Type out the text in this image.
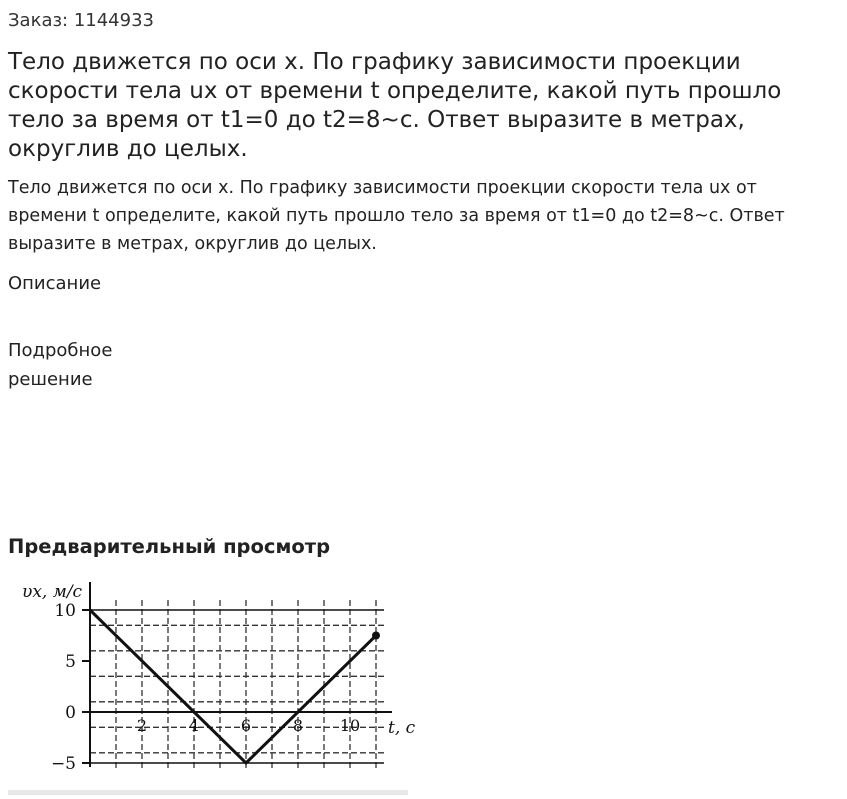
Заказ: 1144933
Тело движется по оси x. По графику зависимости проекции скорости тела ux от времени t определите, какой путь прошло тело за время от t1=0 до t2=8~c. Ответ выразите в метрах, округлив до целых.
Тело движется по оси x. По графику зависимости проекции скорости тела ux от времени t определите, какой путь прошло тело за время от t1=0 до t2=8~c. Ответ выразите в метрах, округлив до целых.
Описание
Подробное решение
Предварительный просмотр
10
5
0
−5
2	4	6	8 10
υx, м/с
t, c
